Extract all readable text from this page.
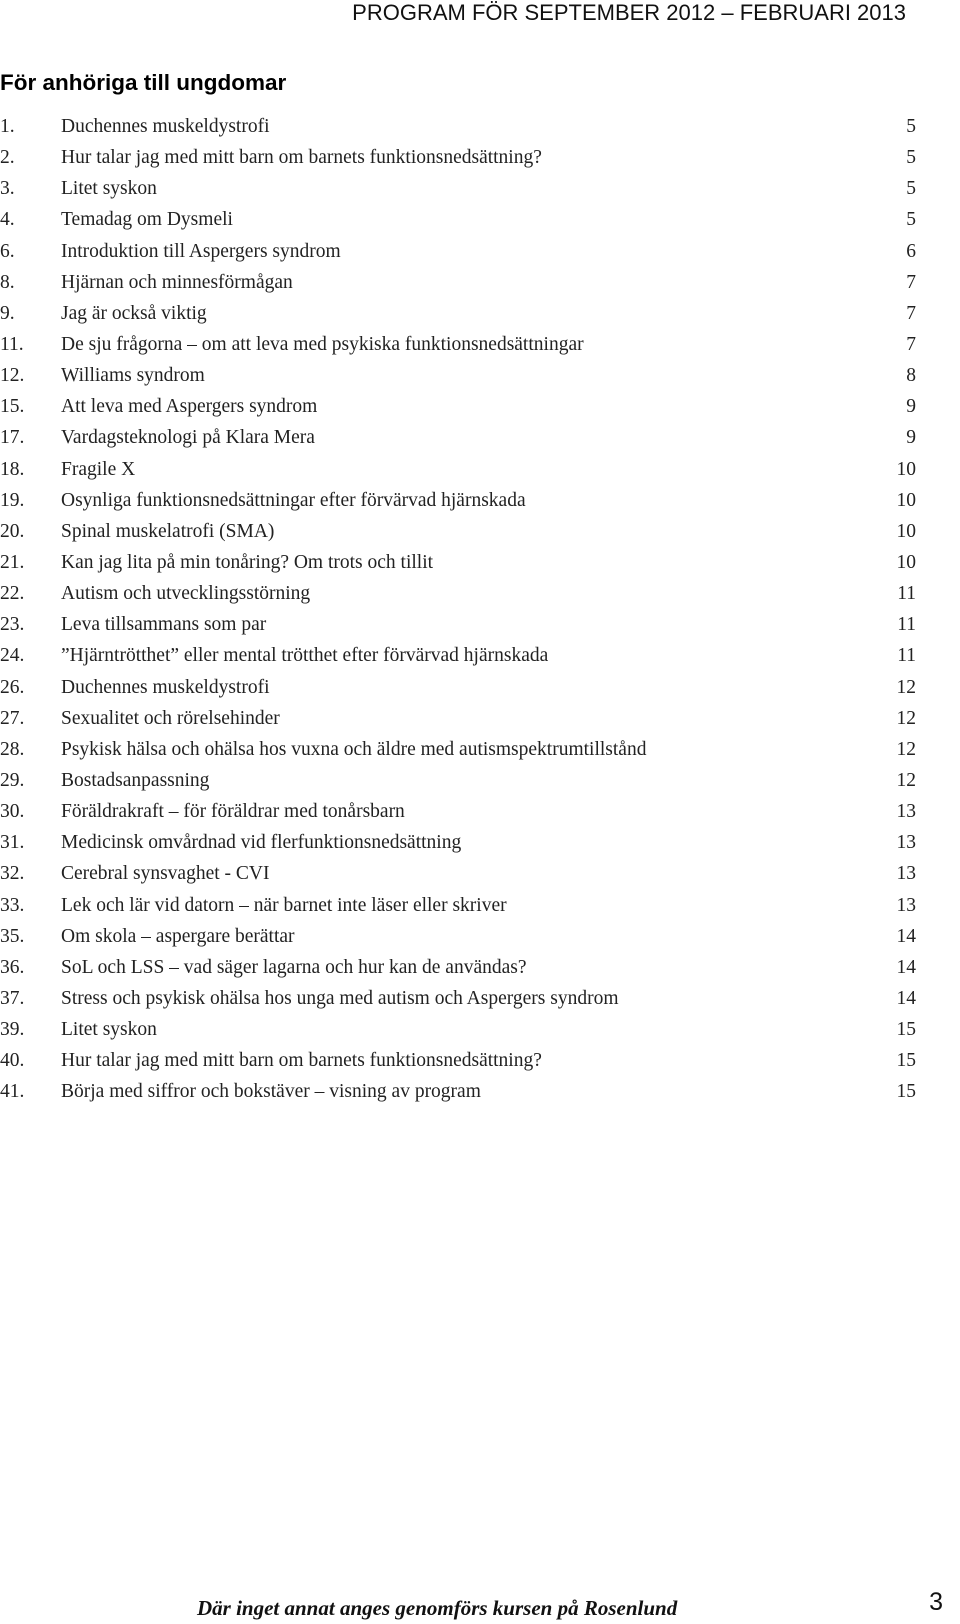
PROGRAM FÖR SEPTEMBER 2012 – FEBRUARI 2013
För anhöriga till ungdomar
1.	Duchennes muskeldystrofi	5
2.	Hur talar jag med mitt barn om barnets funktionsnedsättning?	5
3.	Litet syskon	5
4.	Temadag om Dysmeli	5
6.	Introduktion till Aspergers syndrom	6
8.	Hjärnan och minnesförmågan	7
9.	Jag är också viktig	7
11.	De sju frågorna – om att leva med psykiska funktionsnedsättningar	7
12.	Williams syndrom	8
15.	Att leva med Aspergers syndrom	9
17.	Vardagsteknologi på Klara Mera	9
18.	Fragile X	10
19.	Osynliga funktionsnedsättningar efter förvärvad hjärnskada	10
20.	Spinal muskelatrofi (SMA)	10
21.	Kan jag lita på min tonåring? Om trots och tillit	10
22.	Autism och utvecklingsstörning	11
23.	Leva tillsammans som par	11
24.	”Hjärntrötthet” eller mental trötthet efter förvärvad hjärnskada	11
26.	Duchennes muskeldystrofi	12
27.	Sexualitet och rörelsehinder	12
28.	Psykisk hälsa och ohälsa hos vuxna och äldre med autismspektrumtillstånd	12
29.	Bostadsanpassning	12
30.	Föräldrakraft – för föräldrar med tonårsbarn	13
31.	Medicinsk omvårdnad vid flerfunktionsnedsättning	13
32.	Cerebral synsvaghet - CVI	13
33.	Lek och lär vid datorn – när barnet inte läser eller skriver	13
35.	Om skola – aspergare berättar	14
36.	SoL och LSS – vad säger lagarna och hur kan de användas?	14
37.	Stress och psykisk ohälsa hos unga med autism och Aspergers syndrom	14
39.	Litet syskon	15
40.	Hur talar jag med mitt barn om barnets funktionsnedsättning?	15
41.	Börja med siffror och bokstäver – visning av program	15
Där inget annat anges genomförs kursen på Rosenlund	3
